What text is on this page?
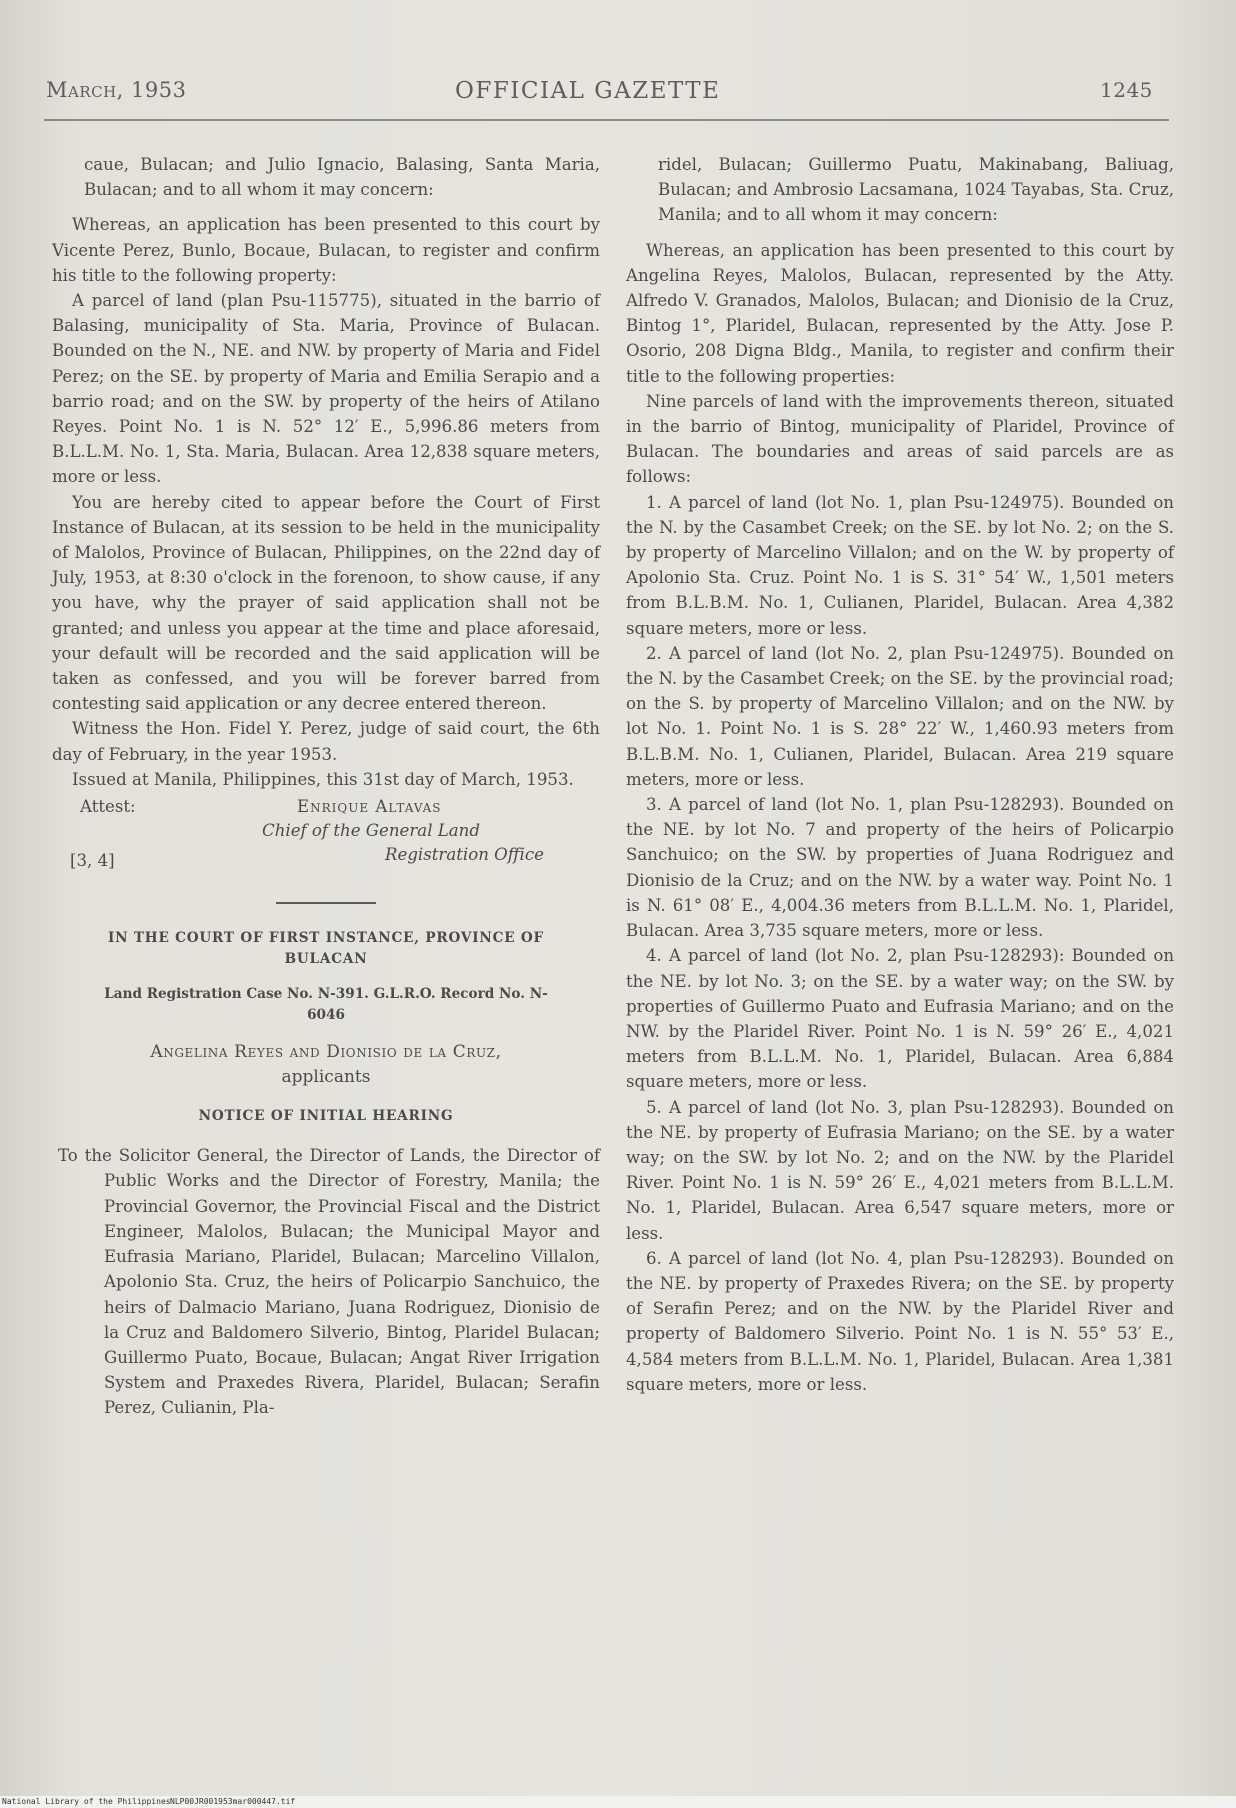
March, 1953	OFFICIAL GAZETTE	1245

caue, Bulacan; and Julio Ignacio, Balasing, Santa Maria, Bulacan; and to all whom it may concern:

Whereas, an application has been presented to this court by Vicente Perez, Bunlo, Bocaue, Bulacan, to register and confirm his title to the following property:

A parcel of land (plan Psu-115775), situated in the barrio of Balasing, municipality of Sta. Maria, Province of Bulacan. Bounded on the N., NE. and NW. by property of Maria and Fidel Perez; on the SE. by property of Maria and Emilia Serapio and a barrio road; and on the SW. by property of the heirs of Atilano Reyes. Point No. 1 is N. 52° 12′ E., 5,996.86 meters from B.L.L.M. No. 1, Sta. Maria, Bulacan. Area 12,838 square meters, more or less.

You are hereby cited to appear before the Court of First Instance of Bulacan, at its session to be held in the municipality of Malolos, Province of Bulacan, Philippines, on the 22nd day of July, 1953, at 8:30 o'clock in the forenoon, to show cause, if any you have, why the prayer of said application shall not be granted; and unless you appear at the time and place aforesaid, your default will be recorded and the said application will be taken as confessed, and you will be forever barred from contesting said application or any decree entered thereon.

Witness the Hon. Fidel Y. Perez, judge of said court, the 6th day of February, in the year 1953.

Issued at Manila, Philippines, this 31st day of March, 1953.

Attest:	Enrique Altavas
Chief of the General Land
Registration Office
[3, 4]
IN THE COURT OF FIRST INSTANCE, PROVINCE OF BULACAN
Land Registration Case No. N-391. G.L.R.O. Record No. N-6046
Angelina Reyes and Dionisio de la Cruz,
applicants
NOTICE OF INITIAL HEARING

To the Solicitor General, the Director of Lands, the Director of Public Works and the Director of Forestry, Manila; the Provincial Governor, the Provincial Fiscal and the District Engineer, Malolos, Bulacan; the Municipal Mayor and Eufrasia Mariano, Plaridel, Bulacan; Marcelino Villalon, Apolonio Sta. Cruz, the heirs of Policarpio Sanchuico, the heirs of Dalmacio Mariano, Juana Rodriguez, Dionisio de la Cruz and Baldomero Silverio, Bintog, Plaridel Bulacan; Guillermo Puato, Bocaue, Bulacan; Angat River Irrigation System and Praxedes Rivera, Plaridel, Bulacan; Serafin Perez, Culianin, Pla-

ridel, Bulacan; Guillermo Puatu, Makinabang, Baliuag, Bulacan; and Ambrosio Lacsamana, 1024 Tayabas, Sta. Cruz, Manila; and to all whom it may concern:

Whereas, an application has been presented to this court by Angelina Reyes, Malolos, Bulacan, represented by the Atty. Alfredo V. Granados, Malolos, Bulacan; and Dionisio de la Cruz, Bintog 1°, Plaridel, Bulacan, represented by the Atty. Jose P. Osorio, 208 Digna Bldg., Manila, to register and confirm their title to the following properties:

Nine parcels of land with the improvements thereon, situated in the barrio of Bintog, municipality of Plaridel, Province of Bulacan. The boundaries and areas of said parcels are as follows:

1. A parcel of land (lot No. 1, plan Psu-124975). Bounded on the N. by the Casambet Creek; on the SE. by lot No. 2; on the S. by property of Marcelino Villalon; and on the W. by property of Apolonio Sta. Cruz. Point No. 1 is S. 31° 54′ W., 1,501 meters from B.L.B.M. No. 1, Culianen, Plaridel, Bulacan. Area 4,382 square meters, more or less.

2. A parcel of land (lot No. 2, plan Psu-124975). Bounded on the N. by the Casambet Creek; on the SE. by the provincial road; on the S. by property of Marcelino Villalon; and on the NW. by lot No. 1. Point No. 1 is S. 28° 22′ W., 1,460.93 meters from B.L.B.M. No. 1, Culianen, Plaridel, Bulacan. Area 219 square meters, more or less.

3. A parcel of land (lot No. 1, plan Psu-128293). Bounded on the NE. by lot No. 7 and property of the heirs of Policarpio Sanchuico; on the SW. by properties of Juana Rodriguez and Dionisio de la Cruz; and on the NW. by a water way. Point No. 1 is N. 61° 08′ E., 4,004.36 meters from B.L.L.M. No. 1, Plaridel, Bulacan. Area 3,735 square meters, more or less.

4. A parcel of land (lot No. 2, plan Psu-128293): Bounded on the NE. by lot No. 3; on the SE. by a water way; on the SW. by properties of Guillermo Puato and Eufrasia Mariano; and on the NW. by the Plaridel River. Point No. 1 is N. 59° 26′ E., 4,021 meters from B.L.L.M. No. 1, Plaridel, Bulacan. Area 6,884 square meters, more or less.

5. A parcel of land (lot No. 3, plan Psu-128293). Bounded on the NE. by property of Eufrasia Mariano; on the SE. by a water way; on the SW. by lot No. 2; and on the NW. by the Plaridel River. Point No. 1 is N. 59° 26′ E., 4,021 meters from B.L.L.M. No. 1, Plaridel, Bulacan. Area 6,547 square meters, more or less.

6. A parcel of land (lot No. 4, plan Psu-128293). Bounded on the NE. by property of Praxedes Rivera; on the SE. by property of Serafin Perez; and on the NW. by the Plaridel River and property of Baldomero Silverio. Point No. 1 is N. 55° 53′ E., 4,584 meters from B.L.L.M. No. 1, Plaridel, Bulacan. Area 1,381 square meters, more or less.

National Library of the Philippines NLP00JR001953mar000447.tif
